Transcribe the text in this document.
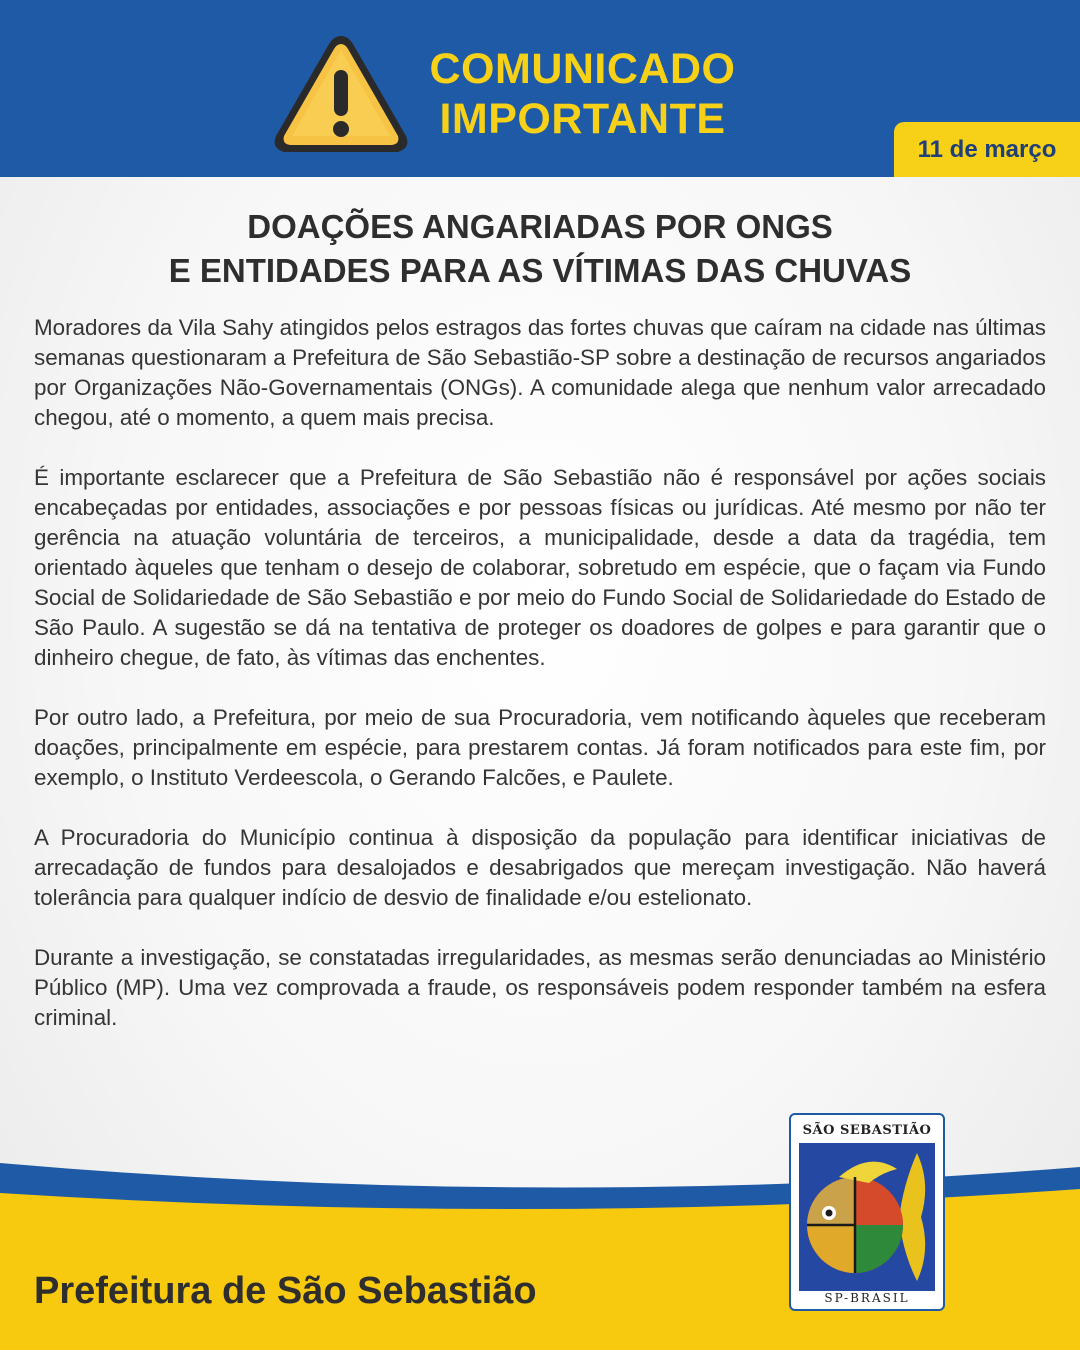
COMUNICADO
IMPORTANTE
11 de março
DOAÇÕES ANGARIADAS POR ONGS
E ENTIDADES PARA AS VÍTIMAS DAS CHUVAS

Moradores da Vila Sahy atingidos pelos estragos das fortes chuvas que caíram na cidade nas últimas semanas questionaram a Prefeitura de São Sebastião-SP sobre a destinação de recursos angariados por Organizações Não-Governamentais (ONGs). A comunidade alega que nenhum valor arrecadado chegou, até o momento, a quem mais precisa.

É importante esclarecer que a Prefeitura de São Sebastião não é responsável por ações sociais encabeçadas por entidades, associações e por pessoas físicas ou jurídicas. Até mesmo por não ter gerência na atuação voluntária de terceiros, a municipalidade, desde a data da tragédia, tem orientado àqueles que tenham o desejo de colaborar, sobretudo em espécie, que o façam via Fundo Social de Solidariedade de São Sebastião e por meio do Fundo Social de Solidariedade do Estado de São Paulo. A sugestão se dá na tentativa de proteger os doadores de golpes e para garantir que o dinheiro chegue, de fato, às vítimas das enchentes.

Por outro lado, a Prefeitura, por meio de sua Procuradoria, vem notificando àqueles que receberam doações, principalmente em espécie, para prestarem contas. Já foram notificados para este fim, por exemplo, o Instituto Verdeescola, o Gerando Falcões, e Paulete.

A Procuradoria do Município continua à disposição da população para identificar iniciativas de arrecadação de fundos para desalojados e desabrigados que mereçam investigação. Não haverá tolerância para qualquer indício de desvio de finalidade e/ou estelionato.

Durante a investigação, se constatadas irregularidades, as mesmas serão denunciadas ao Ministério Público (MP). Uma vez comprovada a fraude, os responsáveis podem responder também na esfera criminal.

Prefeitura de São Sebastião
SÃO SEBASTIÃO
SP-BRASIL
